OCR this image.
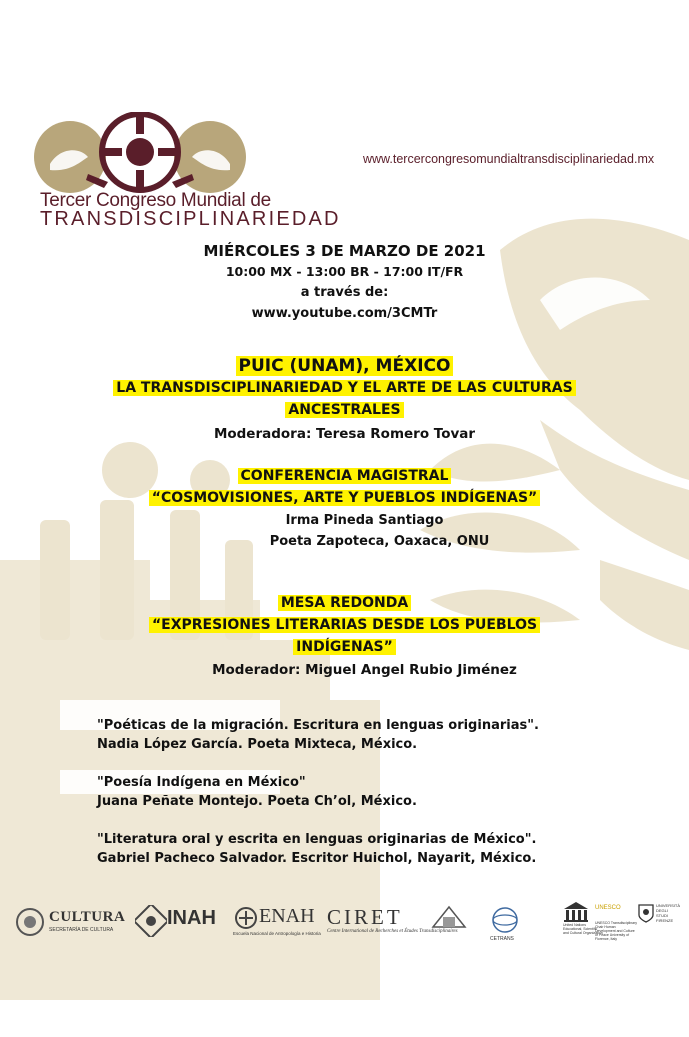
Tercer Congreso Mundial de
TRANSDISCIPLINARIEDAD
www.tercercongresomundialtransdisciplinariedad.mx
MIÉRCOLES 3 DE MARZO DE 2021
10:00 MX - 13:00 BR - 17:00 IT/FR
a través de:
www.youtube.com/3CMTr
PUIC (UNAM), MÉXICO
LA TRANSDISCIPLINARIEDAD Y EL ARTE DE LAS CULTURAS
ANCESTRALES
Moderadora: Teresa Romero Tovar
CONFERENCIA MAGISTRAL
“COSMOVISIONES, ARTE Y PUEBLOS INDÍGENAS”
Irma Pineda Santiago
Poeta Zapoteca, Oaxaca, ONU
MESA REDONDA
“EXPRESIONES LITERARIAS DESDE LOS PUEBLOS
INDÍGENAS”
Moderador: Miguel Angel Rubio Jiménez
"Poéticas de la migración. Escritura en lenguas originarias".
Nadia López García. Poeta Mixteca, México.
"Poesía Indígena en México"
Juana Peñate Montejo. Poeta Ch’ol, México.
"Literatura oral y escrita en lenguas originarias de México".
Gabriel Pacheco Salvador. Escritor Huichol, Nayarit, México.
CULTURA
SECRETARÍA DE CULTURA
INAH ENAH
Escuela Nacional de Antropología e Historia
CIRET
Centre International de Recherches et Études Transdisciplinaires
CETRANS
United Nations Educational, Scientific and Cultural Organization
UNESCO
UNESCO Transdisciplinary Chair Human Development and Culture of Peace University of Florence, Italy
UNIVERSITÀ DEGLI STUDI FIRENZE
